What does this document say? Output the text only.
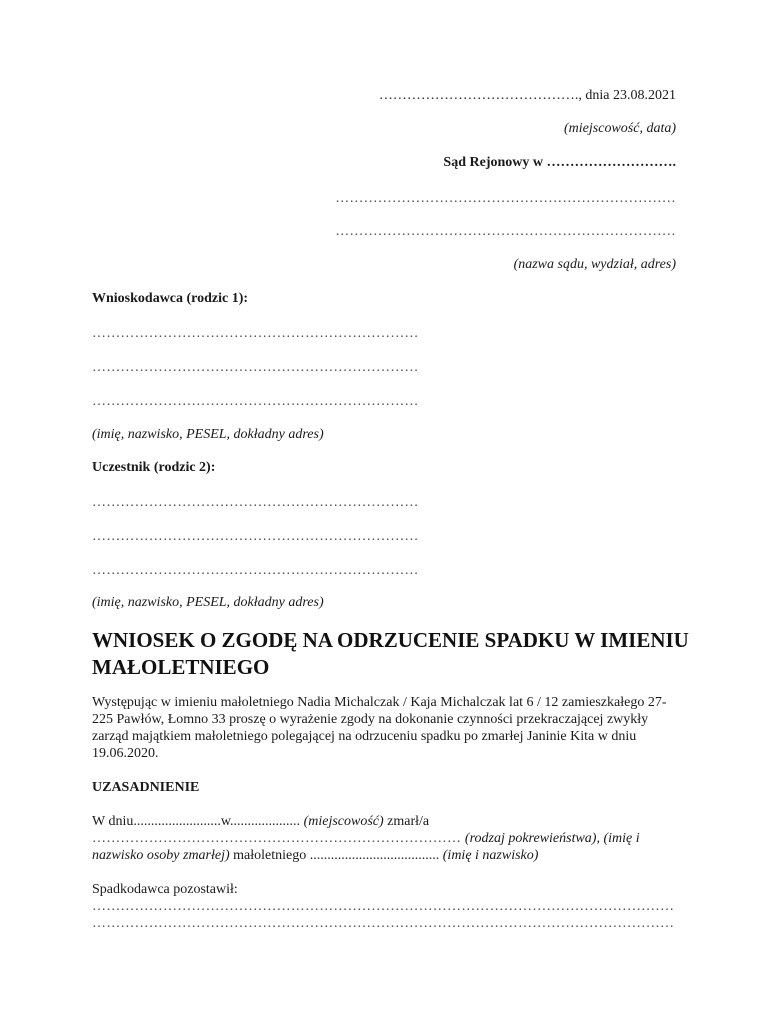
……………………………………., dnia 23.08.2021
(miejscowość, data)
Sąd Rejonowy w ……………………….
………………………………………………………………
………………………………………………………………
(nazwa sądu, wydział, adres)
Wnioskodawca (rodzic 1):
……………………………………………………………
……………………………………………………………
……………………………………………………………
(imię, nazwisko, PESEL, dokładny adres)
Uczestnik (rodzic 2):
……………………………………………………………
……………………………………………………………
……………………………………………………………
(imię, nazwisko, PESEL, dokładny adres)
WNIOSEK O ZGODĘ NA ODRZUCENIE SPADKU W IMIENIU MAŁOLETNIEGO
Występując w imieniu małoletniego Nadia Michalczak / Kaja Michalczak lat 6 / 12 zamieszkałego 27-225 Pawłów, Łomno 33 proszę o wyrażenie zgody na dokonanie czynności przekraczającej zwykły zarząd majątkiem małoletniego polegającej na odrzuceniu spadku po zmarłej Janinie Kita w dniu 19.06.2020.
UZASADNIENIE
W dniu.........................w.................... (miejscowość) zmarł/a
…………………………………………………………………… (rodzaj pokrewieństwa), (imię i
nazwisko osoby zmarłej) małoletniego ..................................... (imię i nazwisko)
Spadkodawca pozostawił:
……………………………………………………………………………………………………………
……………………………………………………………………………………………………………
